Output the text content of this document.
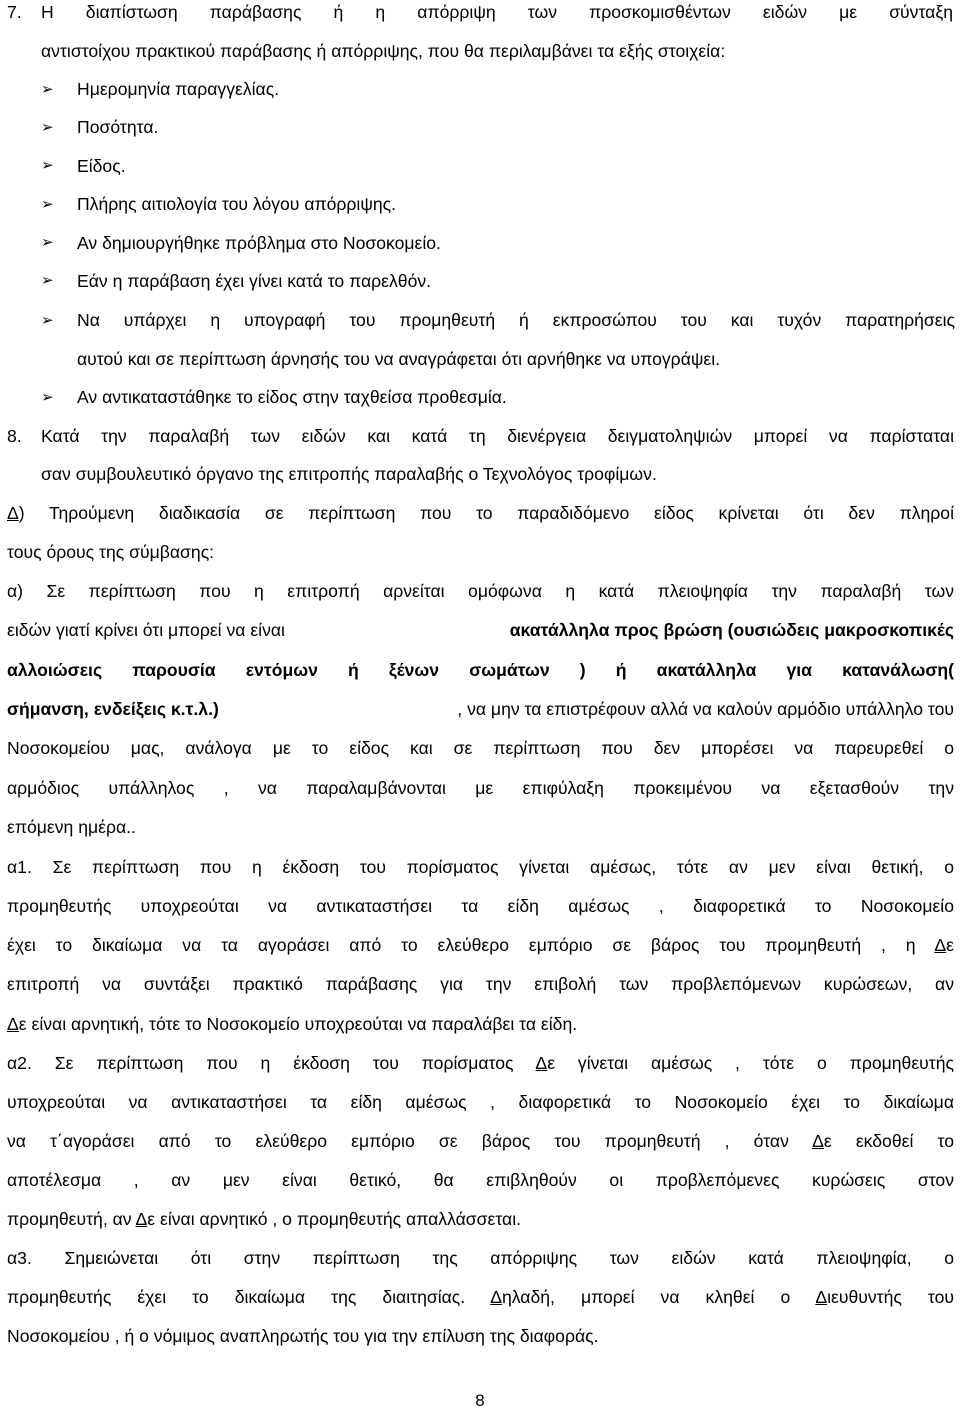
7. Η διαπίστωση παράβασης ή η απόρριψη των προσκομισθέντων ειδών με σύνταξη
αντιστοίχου πρακτικού παράβασης ή απόρριψης, που θα περιλαμβάνει τα εξής στοιχεία:
➢ Ημερομηνία παραγγελίας.
➢ Ποσότητα.
➢ Είδος.
➢ Πλήρης αιτιολογία του λόγου απόρριψης.
➢ Αν δημιουργήθηκε πρόβλημα στο Νοσοκομείο.
➢ Εάν η παράβαση έχει γίνει κατά το παρελθόν.
➢ Να υπάρχει η υπογραφή του προμηθευτή ή εκπροσώπου του και τυχόν παρατηρήσεις
αυτού και σε περίπτωση άρνησής του να αναγράφεται ότι αρνήθηκε να υπογράψει.
➢ Αν αντικαταστάθηκε το είδος στην ταχθείσα προθεσμία.
8. Κατά την παραλαβή των ειδών και κατά τη διενέργεια δειγματοληψιών μπορεί να παρίσταται
σαν συμβουλευτικό όργανο της επιτροπής παραλαβής ο Τεχνολόγος τροφίμων.
Δ) Τηρούμενη διαδικασία σε περίπτωση που το παραδιδόμενο είδος κρίνεται ότι δεν πληροί
τους όρους της σύμβασης:
α) Σε περίπτωση που η επιτροπή αρνείται ομόφωνα η κατά πλειοψηφία την παραλαβή των
ειδών γιατί κρίνει ότι μπορεί να είναι	ακατάλληλα προς βρώση (ουσιώδεις μακροσκοπικές
αλλοιώσεις παρουσία εντόμων ή ξένων σωμάτων ) ή ακατάλληλα για κατανάλωση(
σήμανση, ενδείξεις κ.τ.λ.)	, να μην τα επιστρέφουν αλλά να καλούν αρμόδιο υπάλληλο του
Νοσοκομείου μας, ανάλογα με το είδος και σε περίπτωση που δεν μπορέσει να παρευρεθεί ο
αρμόδιος υπάλληλος , να παραλαμβάνονται με επιφύλαξη προκειμένου να εξετασθούν την
επόμενη ημέρα..
α1. Σε περίπτωση που η έκδοση του πορίσματος γίνεται αμέσως, τότε αν μεν είναι θετική, ο
προμηθευτής υποχρεούται να αντικαταστήσει τα είδη αμέσως , διαφορετικά το Νοσοκομείο
έχει το δικαίωμα να τα αγοράσει από το ελεύθερο εμπόριο σε βάρος του προμηθευτή , η Δε
επιτροπή να συντάξει πρακτικό παράβασης για την επιβολή των προβλεπόμενων κυρώσεων, αν
Δε είναι αρνητική, τότε το Νοσοκομείο υποχρεούται να παραλάβει τα είδη.
α2. Σε περίπτωση που η έκδοση του πορίσματος Δε γίνεται αμέσως , τότε ο προμηθευτής
υποχρεούται να αντικαταστήσει τα είδη αμέσως , διαφορετικά το Νοσοκομείο έχει το δικαίωμα
να τ΄αγοράσει από το ελεύθερο εμπόριο σε βάρος του προμηθευτή , όταν Δε εκδοθεί το
αποτέλεσμα , αν μεν είναι θετικό, θα επιβληθούν οι προβλεπόμενες κυρώσεις στον
προμηθευτή, αν Δε είναι αρνητικό , ο προμηθευτής απαλλάσσεται.
α3. Σημειώνεται ότι στην περίπτωση της απόρριψης των ειδών κατά πλειοψηφία, ο
προμηθευτής έχει το δικαίωμα της διαιτησίας. Δηλαδή, μπορεί να κληθεί ο Διευθυντής του
Νοσοκομείου , ή ο νόμιμος αναπληρωτής του για την επίλυση της διαφοράς.
8
